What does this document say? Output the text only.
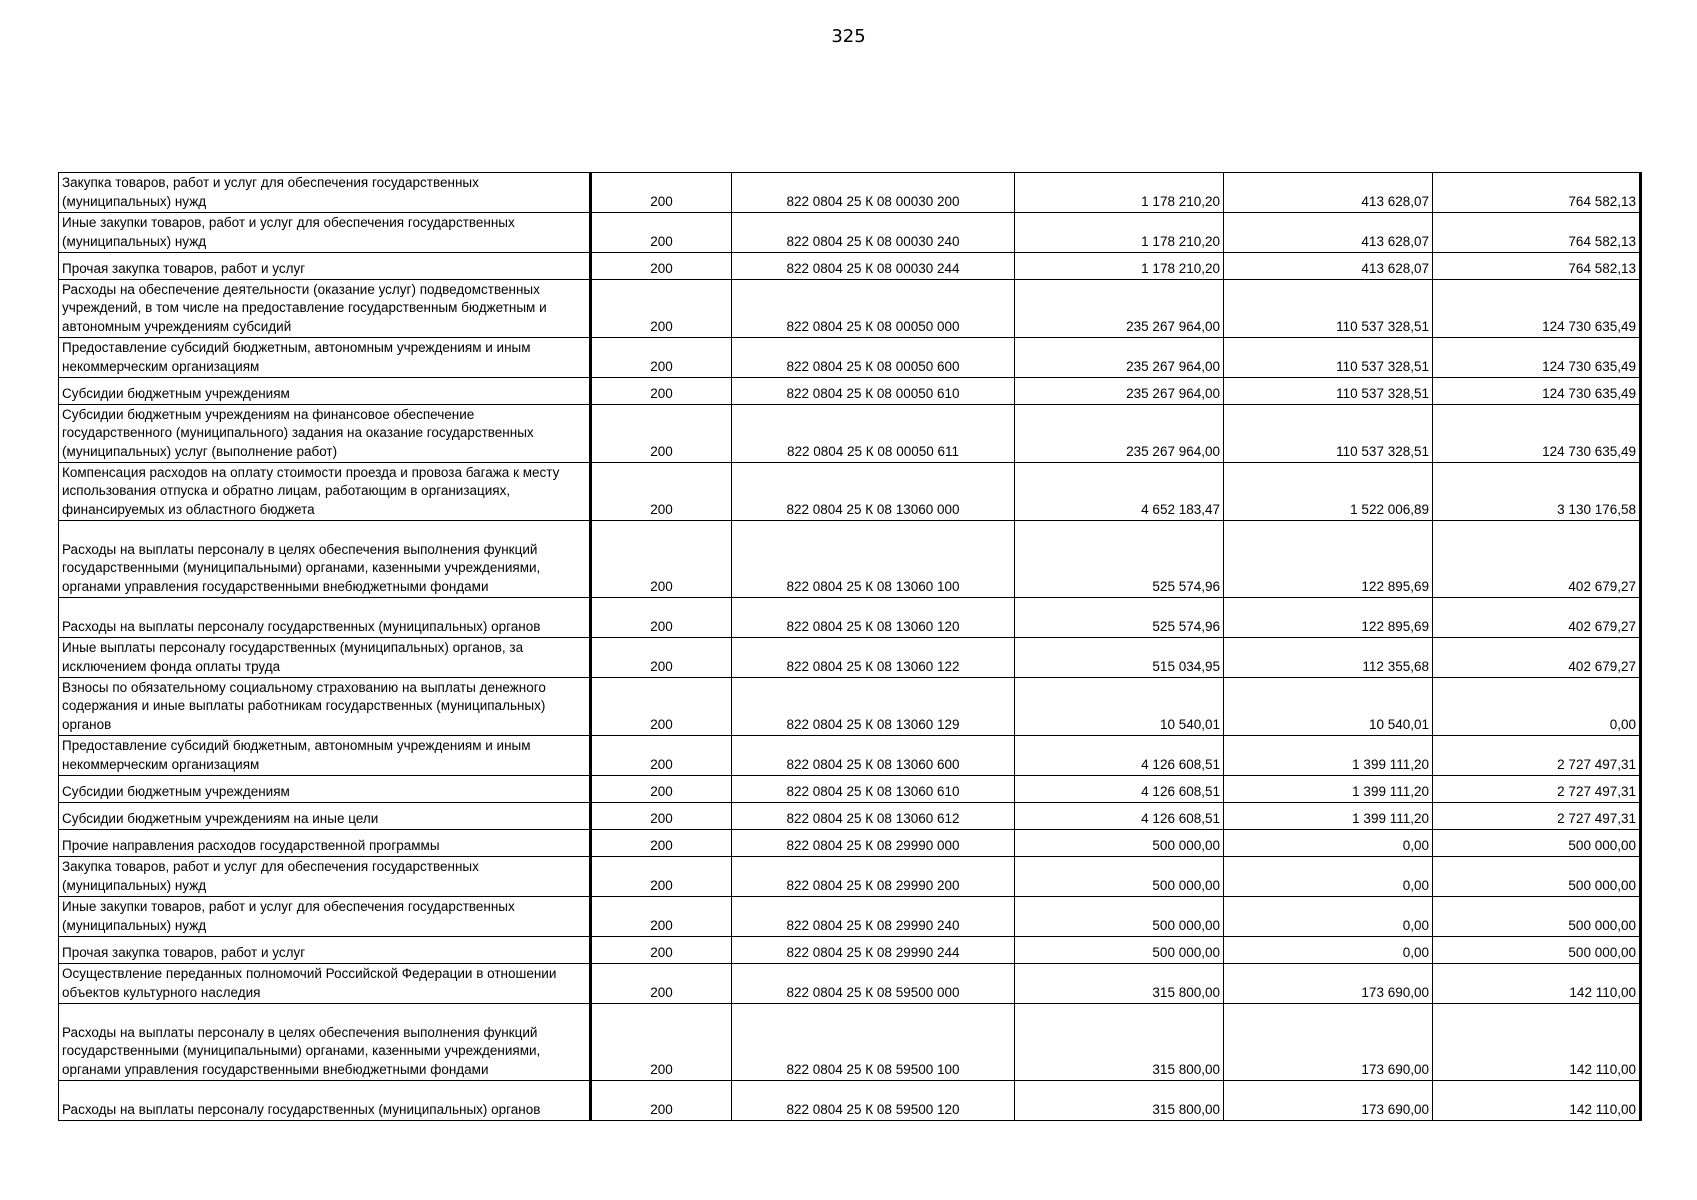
325
Закупка товаров, работ и услуг для обеспечения государственных (муниципальных) нужд	200	822 0804 25 К 08 00030 200	1 178 210,20	413 628,07	764 582,13
Иные закупки товаров, работ и услуг для обеспечения государственных (муниципальных) нужд	200	822 0804 25 К 08 00030 240	1 178 210,20	413 628,07	764 582,13
Прочая закупка товаров, работ и услуг	200	822 0804 25 К 08 00030 244	1 178 210,20	413 628,07	764 582,13
Расходы на обеспечение деятельности (оказание услуг) подведомственных учреждений, в том числе на предоставление государственным бюджетным и автономным учреждениям субсидий	200	822 0804 25 К 08 00050 000	235 267 964,00	110 537 328,51	124 730 635,49
Предоставление субсидий бюджетным, автономным учреждениям и иным некоммерческим организациям	200	822 0804 25 К 08 00050 600	235 267 964,00	110 537 328,51	124 730 635,49
Субсидии бюджетным учреждениям	200	822 0804 25 К 08 00050 610	235 267 964,00	110 537 328,51	124 730 635,49
Субсидии бюджетным учреждениям на финансовое обеспечение государственного (муниципального) задания на оказание государственных (муниципальных) услуг (выполнение работ)	200	822 0804 25 К 08 00050 611	235 267 964,00	110 537 328,51	124 730 635,49
Компенсация расходов на оплату стоимости проезда и провоза багажа к месту использования отпуска и обратно лицам, работающим в организациях, финансируемых из областного бюджета	200	822 0804 25 К 08 13060 000	4 652 183,47	1 522 006,89	3 130 176,58
Расходы на выплаты персоналу в целях обеспечения выполнения функций государственными (муниципальными) органами, казенными учреждениями, органами управления государственными внебюджетными фондами	200	822 0804 25 К 08 13060 100	525 574,96	122 895,69	402 679,27
Расходы на выплаты персоналу государственных (муниципальных) органов	200	822 0804 25 К 08 13060 120	525 574,96	122 895,69	402 679,27
Иные выплаты персоналу государственных (муниципальных) органов, за исключением фонда оплаты труда	200	822 0804 25 К 08 13060 122	515 034,95	112 355,68	402 679,27
Взносы по обязательному социальному страхованию на выплаты денежного содержания и иные выплаты работникам государственных (муниципальных) органов	200	822 0804 25 К 08 13060 129	10 540,01	10 540,01	0,00
Предоставление субсидий бюджетным, автономным учреждениям и иным некоммерческим организациям	200	822 0804 25 К 08 13060 600	4 126 608,51	1 399 111,20	2 727 497,31
Субсидии бюджетным учреждениям	200	822 0804 25 К 08 13060 610	4 126 608,51	1 399 111,20	2 727 497,31
Субсидии бюджетным учреждениям на иные цели	200	822 0804 25 К 08 13060 612	4 126 608,51	1 399 111,20	2 727 497,31
Прочие направления расходов государственной программы	200	822 0804 25 К 08 29990 000	500 000,00	0,00	500 000,00
Закупка товаров, работ и услуг для обеспечения государственных (муниципальных) нужд	200	822 0804 25 К 08 29990 200	500 000,00	0,00	500 000,00
Иные закупки товаров, работ и услуг для обеспечения государственных (муниципальных) нужд	200	822 0804 25 К 08 29990 240	500 000,00	0,00	500 000,00
Прочая закупка товаров, работ и услуг	200	822 0804 25 К 08 29990 244	500 000,00	0,00	500 000,00
Осуществление переданных полномочий Российской Федерации в отношении объектов культурного наследия	200	822 0804 25 К 08 59500 000	315 800,00	173 690,00	142 110,00
Расходы на выплаты персоналу в целях обеспечения выполнения функций государственными (муниципальными) органами, казенными учреждениями, органами управления государственными внебюджетными фондами	200	822 0804 25 К 08 59500 100	315 800,00	173 690,00	142 110,00
Расходы на выплаты персоналу государственных (муниципальных) органов	200	822 0804 25 К 08 59500 120	315 800,00	173 690,00	142 110,00
